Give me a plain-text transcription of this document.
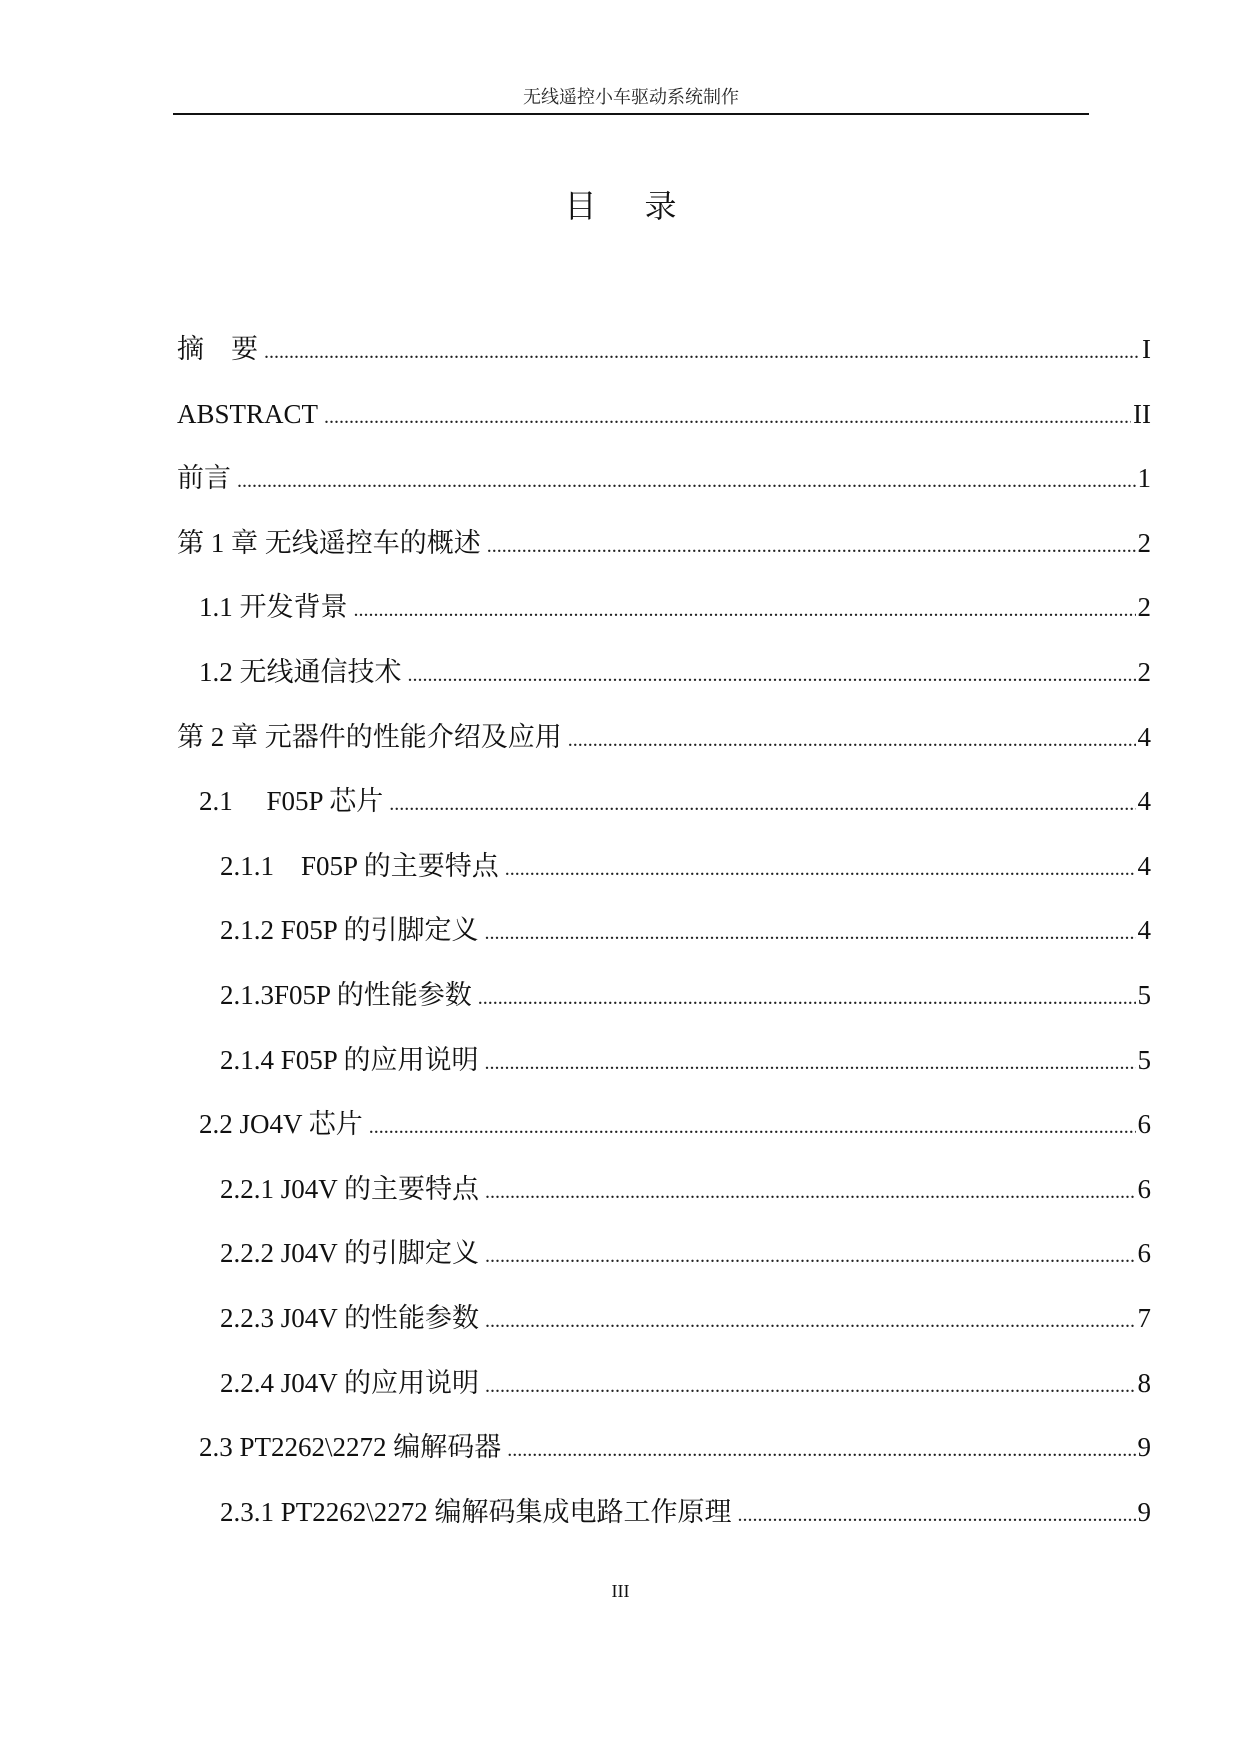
无线遥控小车驱动系统制作
目 录
摘　要 .....	I
ABSTRACT .....	II
前言 .....	1
第 1 章 无线遥控车的概述 .....	2
1.1 开发背景 .....	2
1.2 无线通信技术 .....	2
第 2 章 元器件的性能介绍及应用 .....	4
2.1　 F05P 芯片 .....	4
2.1.1　F05P 的主要特点 .....	4
2.1.2 F05P 的引脚定义 .....	4
2.1.3F05P 的性能参数 .....	5
2.1.4 F05P 的应用说明 .....	5
2.2 JO4V 芯片 .....	6
2.2.1 J04V 的主要特点 .....	6
2.2.2 J04V 的引脚定义 .....	6
2.2.3 J04V 的性能参数 .....	7
2.2.4 J04V 的应用说明 .....	8
2.3 PT2262\2272 编解码器 .....	9
2.3.1 PT2262\2272 编解码集成电路工作原理 .....	9
III
